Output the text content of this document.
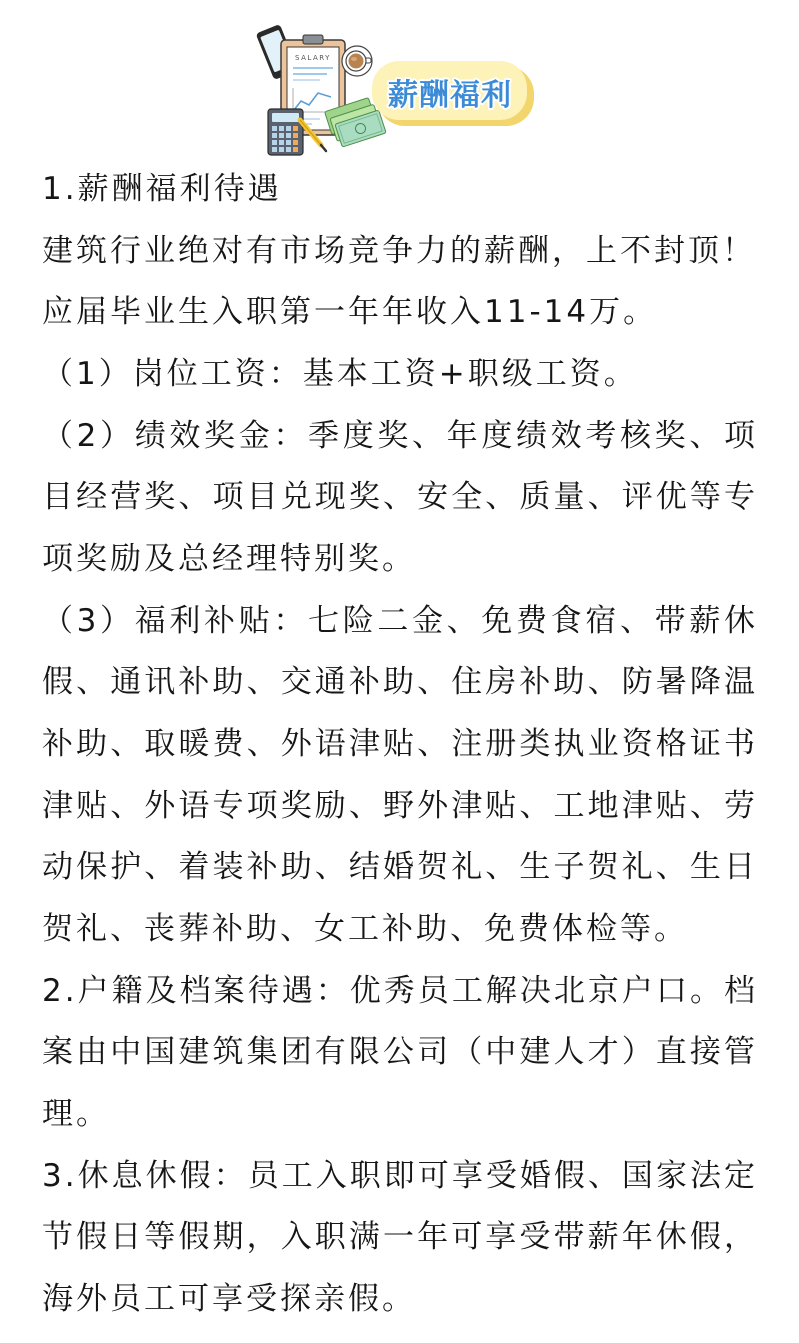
SALARY
薪酬福利
1.薪酬福利待遇
建筑行业绝对有市场竞争力的薪酬，上不封顶！
应届毕业生入职第一年年收入11-14万。
（1）岗位工资：基本工资+职级工资。
（2）绩效奖金：季度奖、年度绩效考核奖、项
目经营奖、项目兑现奖、安全、质量、评优等专
项奖励及总经理特别奖。
（3）福利补贴：七险二金、免费食宿、带薪休
假、通讯补助、交通补助、住房补助、防暑降温
补助、取暖费、外语津贴、注册类执业资格证书
津贴、外语专项奖励、野外津贴、工地津贴、劳
动保护、着装补助、结婚贺礼、生子贺礼、生日
贺礼、丧葬补助、女工补助、免费体检等。
2.户籍及档案待遇：优秀员工解决北京户口。档
案由中国建筑集团有限公司（中建人才）直接管
理。
3.休息休假：员工入职即可享受婚假、国家法定
节假日等假期，入职满一年可享受带薪年休假，
海外员工可享受探亲假。
